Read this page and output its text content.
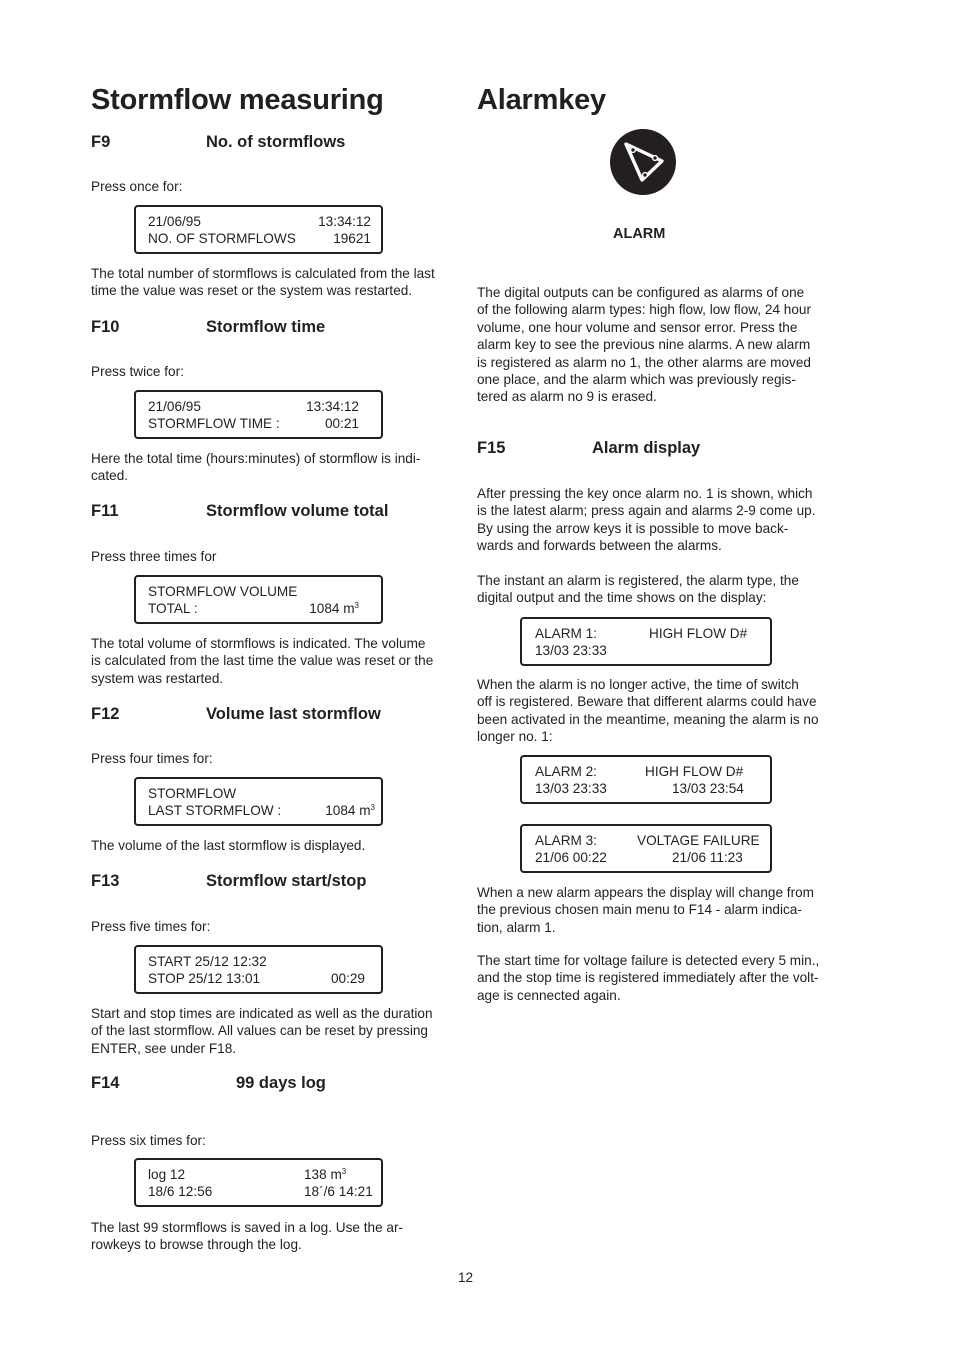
Stormflow measuring
F9	No. of stormflows

Press once for:

21/06/95	13:34:12
NO. OF STORMFLOWS	19621

The total number of stormflows is calculated from the last
time the value was reset or the system was restarted.

F10	Stormflow time

Press twice for:

21/06/95	13:34:12
STORMFLOW TIME :	00:21

Here the total time (hours:minutes) of stormflow is indi-
cated.

F11	Stormflow volume total

Press three times for

STORMFLOW VOLUME
TOTAL :	1084 $m^3$

The total volume of stormflows is indicated. The volume
is calculated from the last time the value was reset or the
system was restarted.

F12	Volume last stormflow

Press four times for:

STORMFLOW
LAST STORMFLOW :	1084 $m^3$

The volume of the last stormflow is displayed.

F13	Stormflow start/stop

Press five times for:

START 25/12 12:32
STOP 25/12 13:01	00:29

Start and stop times are indicated as well as the duration
of the last stormflow. All values can be reset by pressing
ENTER, see under F18.

F14	99 days log

Press six times for:

log 12	138 $m^3$
18/6 12:56	18´/6 14:21

The last 99 stormflows is saved in a log. Use the ar-
rowkeys to browse through the log.

Alarmkey
ALARM

The digital outputs can be configured as alarms of one
of the following alarm types: high flow, low flow, 24 hour
volume, one hour volume and sensor error. Press the
alarm key to see the previous nine alarms. A new alarm
is registered as alarm no 1, the other alarms are moved
one place, and the alarm which was previously regis-
tered as alarm no 9 is erased.

F15	Alarm display

After pressing the key once alarm no. 1 is shown, which
is the latest alarm; press again and alarms 2-9 come up.
By using the arrow keys it is possible to move back-
wards and forwards between the alarms.

The instant an alarm is registered, the alarm type, the
digital output and the time shows on the display:

ALARM 1:	HIGH FLOW D#
13/03 23:33

When the alarm is no longer active, the time of switch
off is registered. Beware that different alarms could have
been activated in the meantime, meaning the alarm is no
longer no. 1:

ALARM 2:	HIGH FLOW D#
13/03 23:33	13/03 23:54
ALARM 3:	VOLTAGE FAILURE
21/06 00:22	21/06 11:23

When a new alarm appears the display will change from
the previous chosen main menu to F14 - alarm indica-
tion, alarm 1.

The start time for voltage failure is detected every 5 min.,
and the stop time is registered immediately after the volt-
age is cennected again.

12
